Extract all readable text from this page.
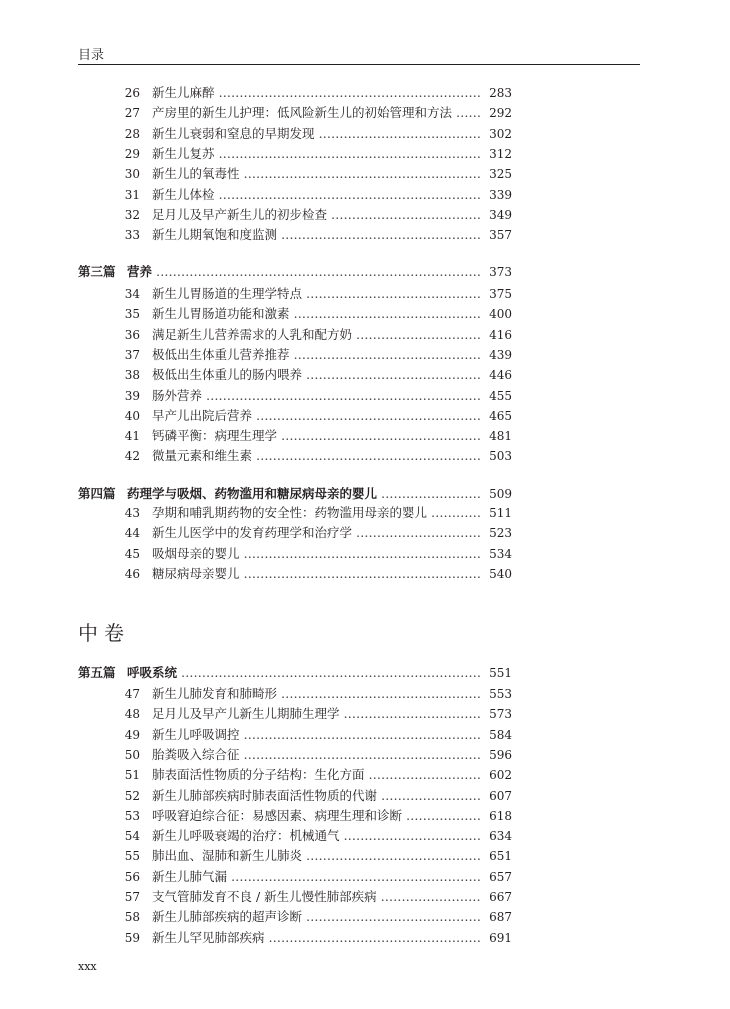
目录
26 新生儿麻醉 …………………………………………………………………………………………………………………………………………………………………………	283
27 产房里的新生儿护理：低风险新生儿的初始管理和方法 …………………………………………………………………………………………………………………………………………………………………………	292
28 新生儿衰弱和窒息的早期发现 …………………………………………………………………………………………………………………………………………………………………………	302
29 新生儿复苏 …………………………………………………………………………………………………………………………………………………………………………	312
30 新生儿的氧毒性 …………………………………………………………………………………………………………………………………………………………………………	325
31 新生儿体检 …………………………………………………………………………………………………………………………………………………………………………	339
32 足月儿及早产新生儿的初步检查 …………………………………………………………………………………………………………………………………………………………………………	349
33 新生儿期氧饱和度监测 …………………………………………………………………………………………………………………………………………………………………………	357
第三篇 营养 …………………………………………………………………………………………………………………………………………………………………………	373
34 新生儿胃肠道的生理学特点 …………………………………………………………………………………………………………………………………………………………………………	375
35 新生儿胃肠道功能和激素 …………………………………………………………………………………………………………………………………………………………………………	400
36 满足新生儿营养需求的人乳和配方奶 …………………………………………………………………………………………………………………………………………………………………………	416
37 极低出生体重儿营养推荐 …………………………………………………………………………………………………………………………………………………………………………	439
38 极低出生体重儿的肠内喂养 …………………………………………………………………………………………………………………………………………………………………………	446
39 肠外营养 …………………………………………………………………………………………………………………………………………………………………………	455
40 早产儿出院后营养 …………………………………………………………………………………………………………………………………………………………………………	465
41 钙磷平衡：病理生理学 …………………………………………………………………………………………………………………………………………………………………………	481
42 微量元素和维生素 …………………………………………………………………………………………………………………………………………………………………………	503
第四篇 药理学与吸烟、药物滥用和糖尿病母亲的婴儿 …………………………………………………………………………………………………………………………………………………………………………	509
43 孕期和哺乳期药物的安全性：药物滥用母亲的婴儿 …………………………………………………………………………………………………………………………………………………………………………	511
44 新生儿医学中的发育药理学和治疗学 …………………………………………………………………………………………………………………………………………………………………………	523
45 吸烟母亲的婴儿 …………………………………………………………………………………………………………………………………………………………………………	534
46 糖尿病母亲婴儿 …………………………………………………………………………………………………………………………………………………………………………	540
中卷
第五篇 呼吸系统 …………………………………………………………………………………………………………………………………………………………………………	551
47 新生儿肺发育和肺畸形 …………………………………………………………………………………………………………………………………………………………………………	553
48 足月儿及早产儿新生儿期肺生理学 …………………………………………………………………………………………………………………………………………………………………………	573
49 新生儿呼吸调控 …………………………………………………………………………………………………………………………………………………………………………	584
50 胎粪吸入综合征 …………………………………………………………………………………………………………………………………………………………………………	596
51 肺表面活性物质的分子结构：生化方面 …………………………………………………………………………………………………………………………………………………………………………	602
52 新生儿肺部疾病时肺表面活性物质的代谢 …………………………………………………………………………………………………………………………………………………………………………	607
53 呼吸窘迫综合征：易感因素、病理生理和诊断 …………………………………………………………………………………………………………………………………………………………………………	618
54 新生儿呼吸衰竭的治疗：机械通气 …………………………………………………………………………………………………………………………………………………………………………	634
55 肺出血、湿肺和新生儿肺炎 …………………………………………………………………………………………………………………………………………………………………………	651
56 新生儿肺气漏 …………………………………………………………………………………………………………………………………………………………………………	657
57 支气管肺发育不良 / 新生儿慢性肺部疾病 …………………………………………………………………………………………………………………………………………………………………………	667
58 新生儿肺部疾病的超声诊断 …………………………………………………………………………………………………………………………………………………………………………	687
59 新生儿罕见肺部疾病 …………………………………………………………………………………………………………………………………………………………………………	691
xxx
